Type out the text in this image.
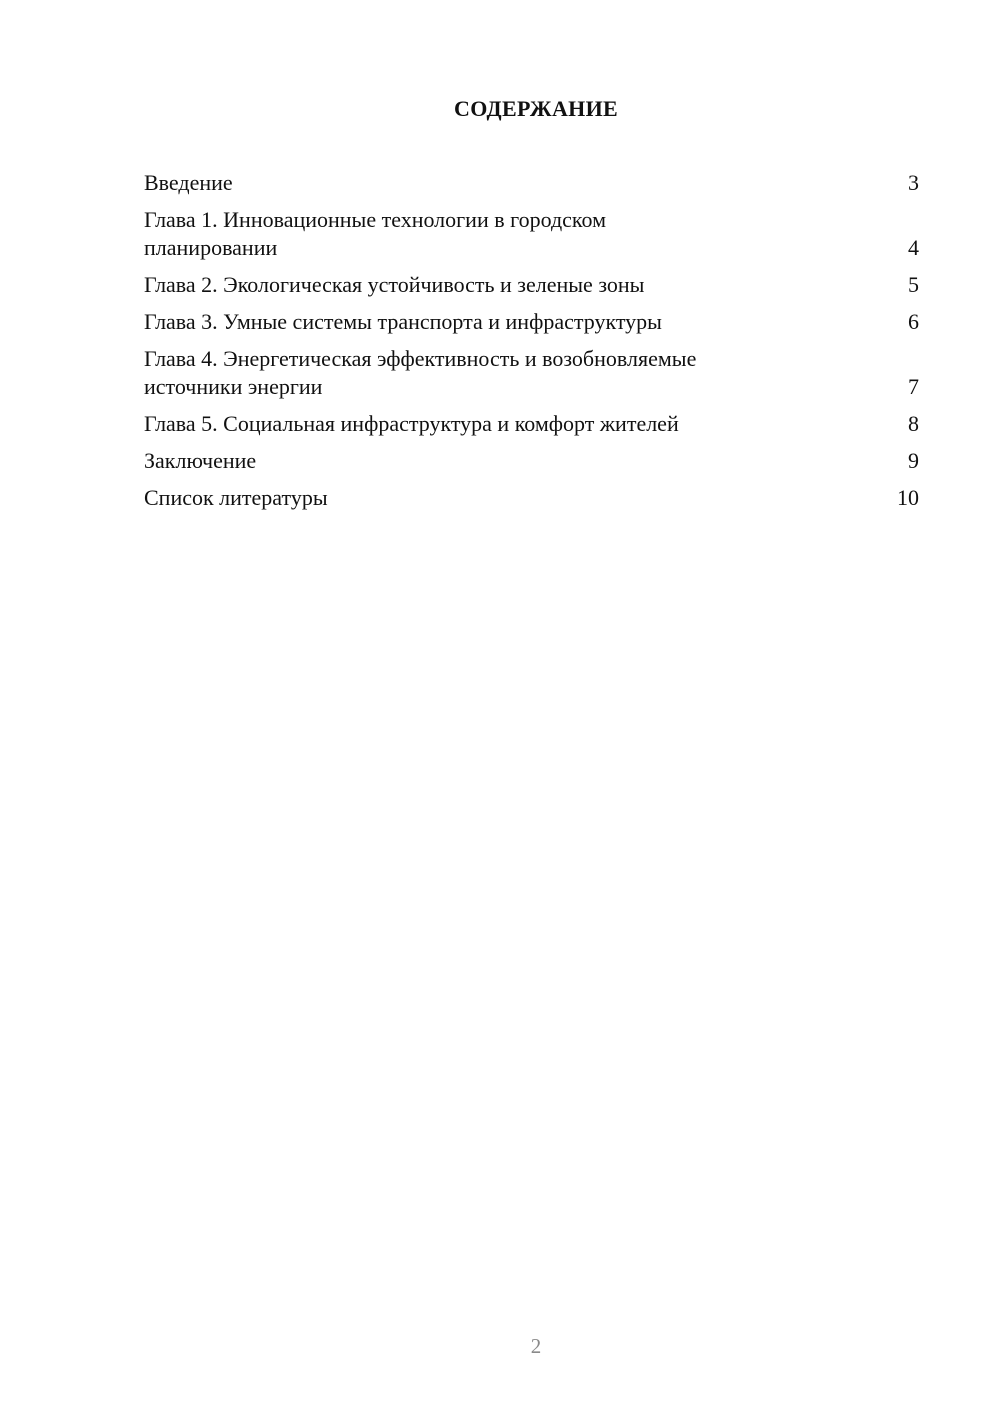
СОДЕРЖАНИЕ
Введение	3
Глава 1. Инновационные технологии в городском планировании	4
Глава 2. Экологическая устойчивость и зеленые зоны	5
Глава 3. Умные системы транспорта и инфраструктуры	6
Глава 4. Энергетическая эффективность и возобновляемые источники энергии	7
Глава 5. Социальная инфраструктура и комфорт жителей	8
Заключение	9
Список литературы	10
2
